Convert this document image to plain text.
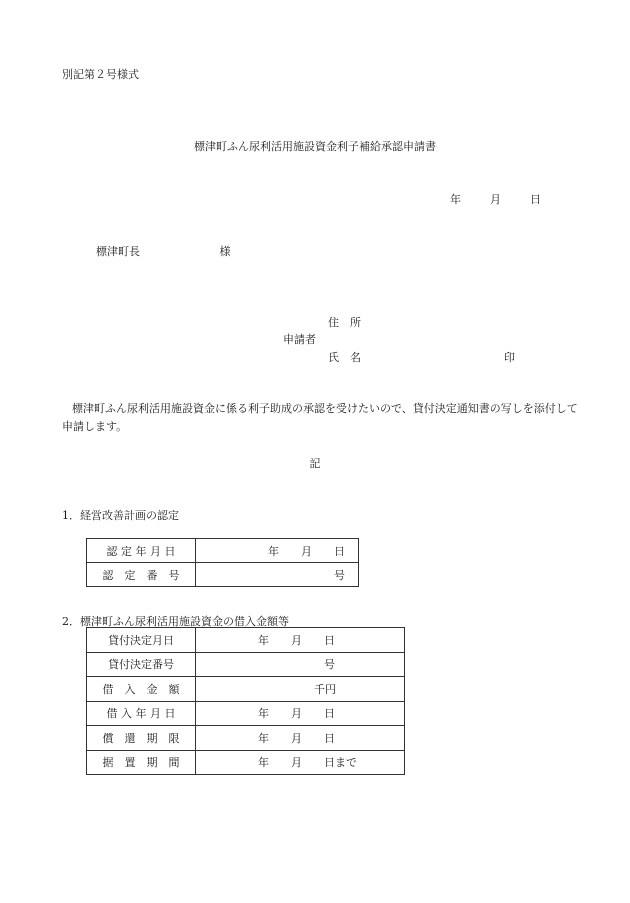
別記第２号様式
標津町ふん尿利活用施設資金利子補給承認申請書
年	月	日
標津町長	様
住　所
申請者
氏　名	印
標津町ふん尿利活用施設資金に係る利子助成の承認を受けたいので、貸付決定通知書の写しを添付して申請します。
記
1．経営改善計画の認定
認 定 年 月 日	年 月 日

認　定　番　号	号
2．標津町ふん尿利活用施設資金の借入金額等
貸付決定月日	年 月 日

貸付決定番号	号

借　入　金　額	千円

借 入 年 月 日	年 月 日

償　還　期　限	年 月 日

据　置　期　間	年 月 日まで
